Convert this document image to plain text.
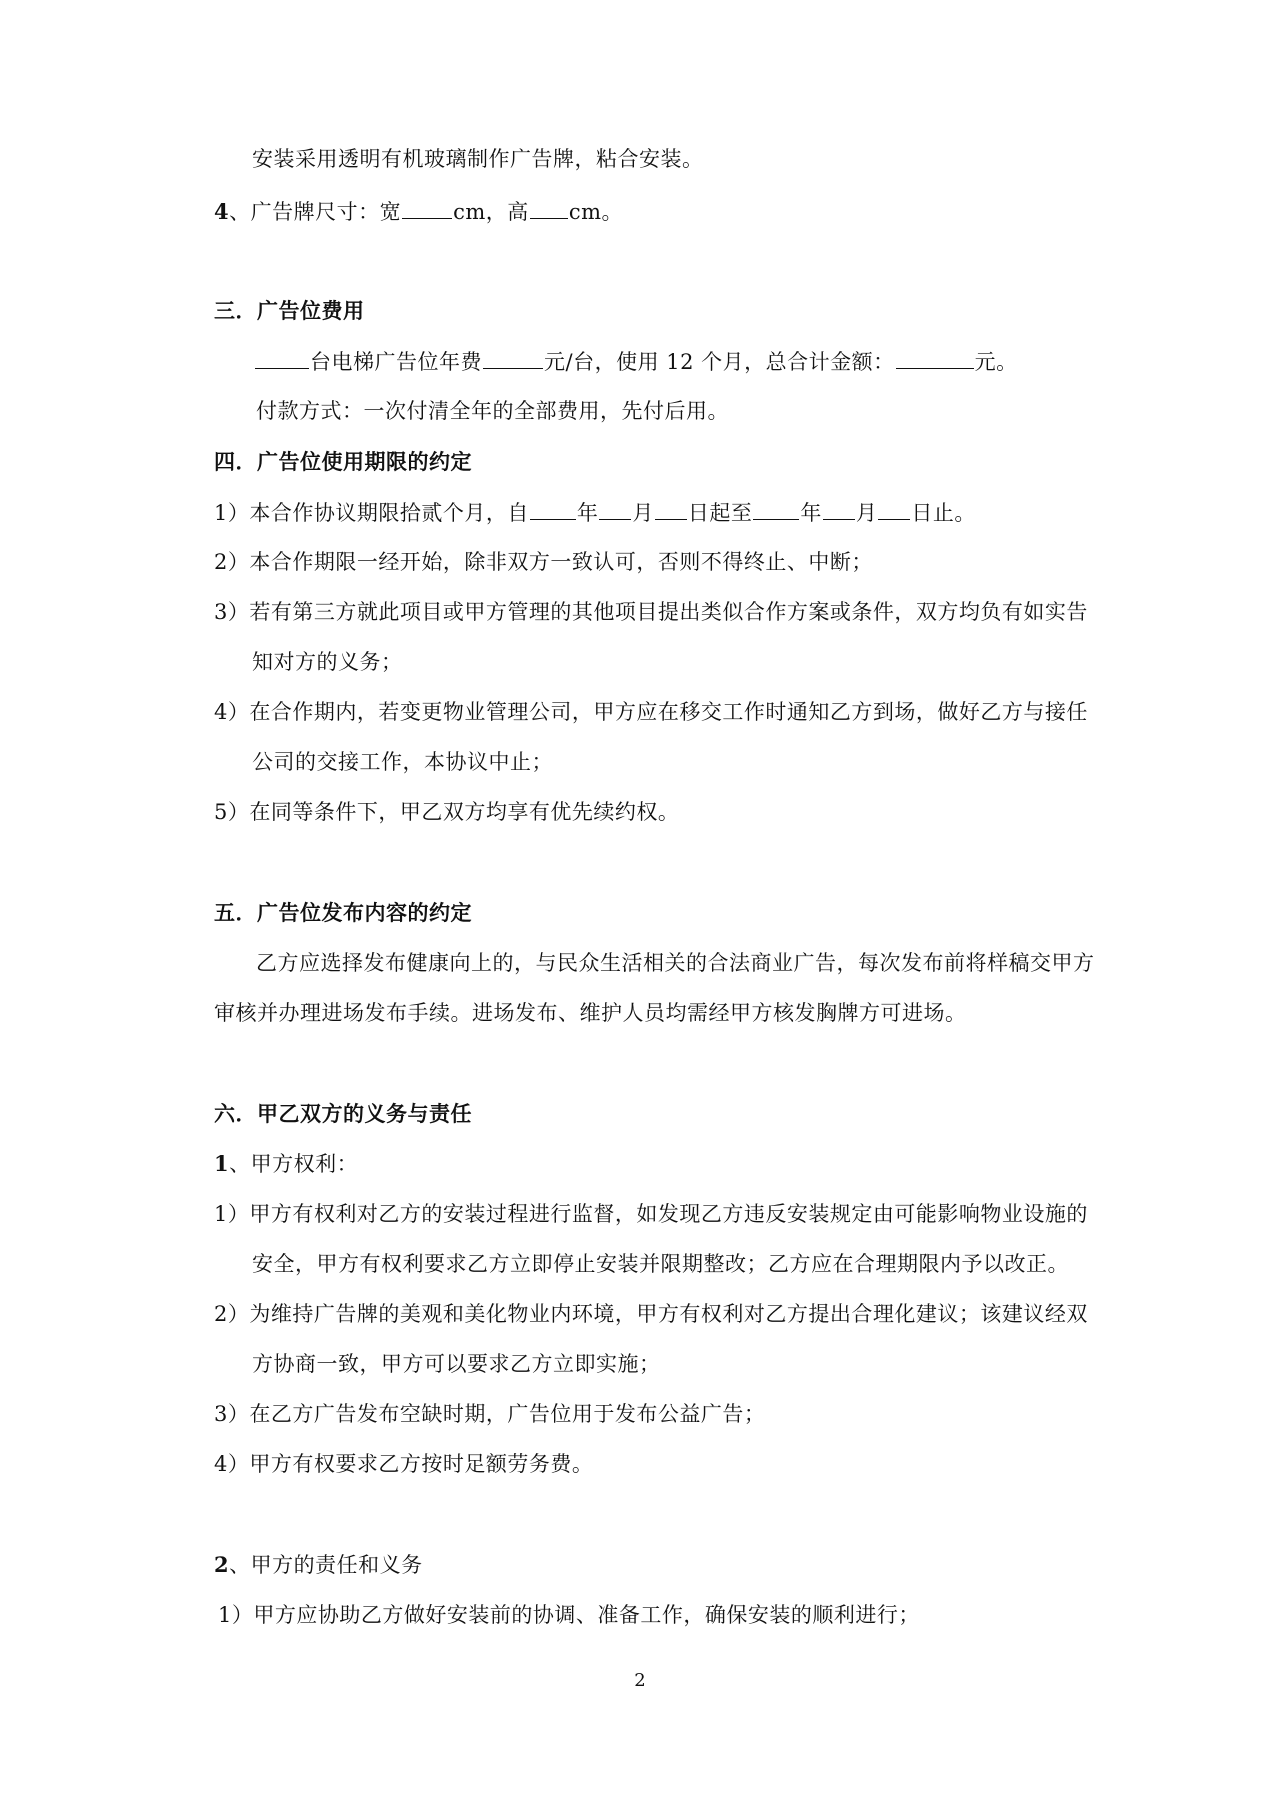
安装采用透明有机玻璃制作广告牌，粘合安装。
4、广告牌尺寸：宽 cm，高 cm。
三．广告位费用
台电梯广告位年费	元/台，使用 12 个月，总合计金额：	元。
付款方式：一次付清全年的全部费用，先付后用。
四．广告位使用期限的约定
1）本合作协议期限拾贰个月，自 年 月 日起至 年 月 日止。
2）本合作期限一经开始，除非双方一致认可，否则不得终止、中断；
3）若有第三方就此项目或甲方管理的其他项目提出类似合作方案或条件，双方均负有如实告
知对方的义务；
4）在合作期内，若变更物业管理公司，甲方应在移交工作时通知乙方到场，做好乙方与接任
公司的交接工作，本协议中止；
5）在同等条件下，甲乙双方均享有优先续约权。
五．广告位发布内容的约定
乙方应选择发布健康向上的，与民众生活相关的合法商业广告，每次发布前将样稿交甲方
审核并办理进场发布手续。进场发布、维护人员均需经甲方核发胸牌方可进场。
六．甲乙双方的义务与责任
1、甲方权利：
1）甲方有权利对乙方的安装过程进行监督，如发现乙方违反安装规定由可能影响物业设施的
安全，甲方有权利要求乙方立即停止安装并限期整改；乙方应在合理期限内予以改正。
2）为维持广告牌的美观和美化物业内环境，甲方有权利对乙方提出合理化建议；该建议经双
方协商一致，甲方可以要求乙方立即实施；
3）在乙方广告发布空缺时期，广告位用于发布公益广告；
4）甲方有权要求乙方按时足额劳务费。
2、甲方的责任和义务
1）甲方应协助乙方做好安装前的协调、准备工作，确保安装的顺利进行；
2
